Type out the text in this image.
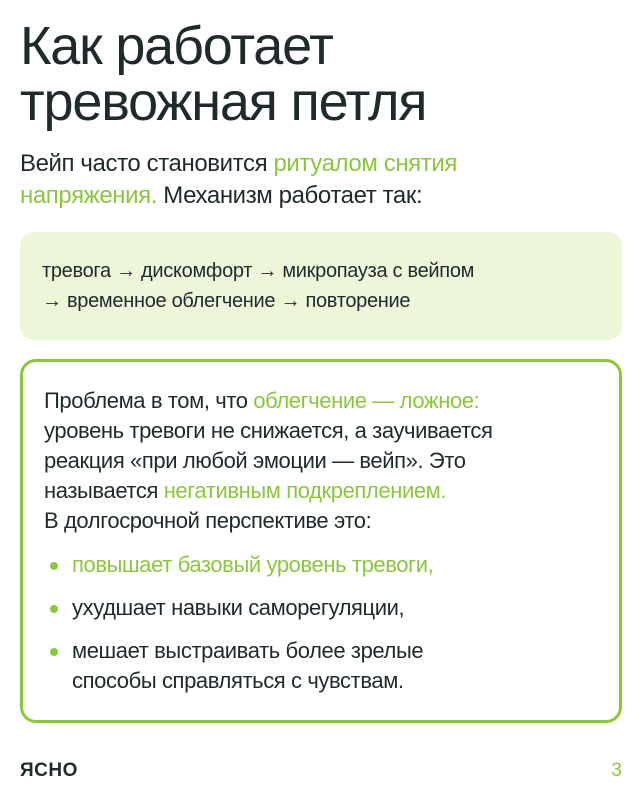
Как работает
тревожная петля
Вейп часто становится ритуалом снятия
напряжения. Механизм работает так:
тревога → дискомфорт → микропауза с вейпом
→ временное облегчение → повторение
Проблема в том, что облегчение — ложное:
уровень тревоги не снижается, а заучивается
реакция «при любой эмоции — вейп». Это
называется негативным подкреплением.
В долгосрочной перспективе это:
повышает базовый уровень тревоги,
ухудшает навыки саморегуляции,
мешает выстраивать более зрелые
способы справляться с чувствам.
ЯСНО	3
